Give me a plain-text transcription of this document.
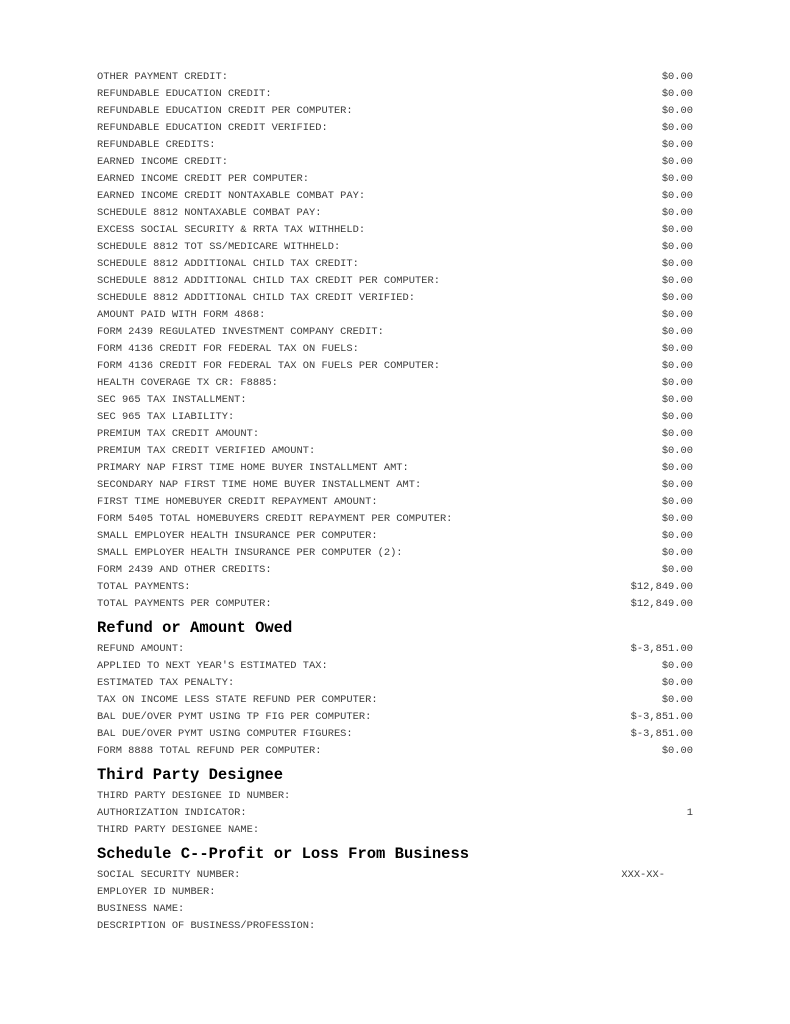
OTHER PAYMENT CREDIT:	$0.00
REFUNDABLE EDUCATION CREDIT:	$0.00
REFUNDABLE EDUCATION CREDIT PER COMPUTER:	$0.00
REFUNDABLE EDUCATION CREDIT VERIFIED:	$0.00
REFUNDABLE CREDITS:	$0.00
EARNED INCOME CREDIT:	$0.00
EARNED INCOME CREDIT PER COMPUTER:	$0.00
EARNED INCOME CREDIT NONTAXABLE COMBAT PAY:	$0.00
SCHEDULE 8812 NONTAXABLE COMBAT PAY:	$0.00
EXCESS SOCIAL SECURITY & RRTA TAX WITHHELD:	$0.00
SCHEDULE 8812 TOT SS/MEDICARE WITHHELD:	$0.00
SCHEDULE 8812 ADDITIONAL CHILD TAX CREDIT:	$0.00
SCHEDULE 8812 ADDITIONAL CHILD TAX CREDIT PER COMPUTER:	$0.00
SCHEDULE 8812 ADDITIONAL CHILD TAX CREDIT VERIFIED:	$0.00
AMOUNT PAID WITH FORM 4868:	$0.00
FORM 2439 REGULATED INVESTMENT COMPANY CREDIT:	$0.00
FORM 4136 CREDIT FOR FEDERAL TAX ON FUELS:	$0.00
FORM 4136 CREDIT FOR FEDERAL TAX ON FUELS PER COMPUTER:	$0.00
HEALTH COVERAGE TX CR: F8885:	$0.00
SEC 965 TAX INSTALLMENT:	$0.00
SEC 965 TAX LIABILITY:	$0.00
PREMIUM TAX CREDIT AMOUNT:	$0.00
PREMIUM TAX CREDIT VERIFIED AMOUNT:	$0.00
PRIMARY NAP FIRST TIME HOME BUYER INSTALLMENT AMT:	$0.00
SECONDARY NAP FIRST TIME HOME BUYER INSTALLMENT AMT:	$0.00
FIRST TIME HOMEBUYER CREDIT REPAYMENT AMOUNT:	$0.00
FORM 5405 TOTAL HOMEBUYERS CREDIT REPAYMENT PER COMPUTER:	$0.00
SMALL EMPLOYER HEALTH INSURANCE PER COMPUTER:	$0.00
SMALL EMPLOYER HEALTH INSURANCE PER COMPUTER (2):	$0.00
FORM 2439 AND OTHER CREDITS:	$0.00
TOTAL PAYMENTS:	$12,849.00
TOTAL PAYMENTS PER COMPUTER:	$12,849.00
Refund or Amount Owed
REFUND AMOUNT:	$-3,851.00
APPLIED TO NEXT YEAR'S ESTIMATED TAX:	$0.00
ESTIMATED TAX PENALTY:	$0.00
TAX ON INCOME LESS STATE REFUND PER COMPUTER:	$0.00
BAL DUE/OVER PYMT USING TP FIG PER COMPUTER:	$-3,851.00
BAL DUE/OVER PYMT USING COMPUTER FIGURES:	$-3,851.00
FORM 8888 TOTAL REFUND PER COMPUTER:	$0.00
Third Party Designee
THIRD PARTY DESIGNEE ID NUMBER:
AUTHORIZATION INDICATOR:	1
THIRD PARTY DESIGNEE NAME:
Schedule C--Profit or Loss From Business
SOCIAL SECURITY NUMBER:	XXX-XX-
EMPLOYER ID NUMBER:
BUSINESS NAME:
DESCRIPTION OF BUSINESS/PROFESSION:
